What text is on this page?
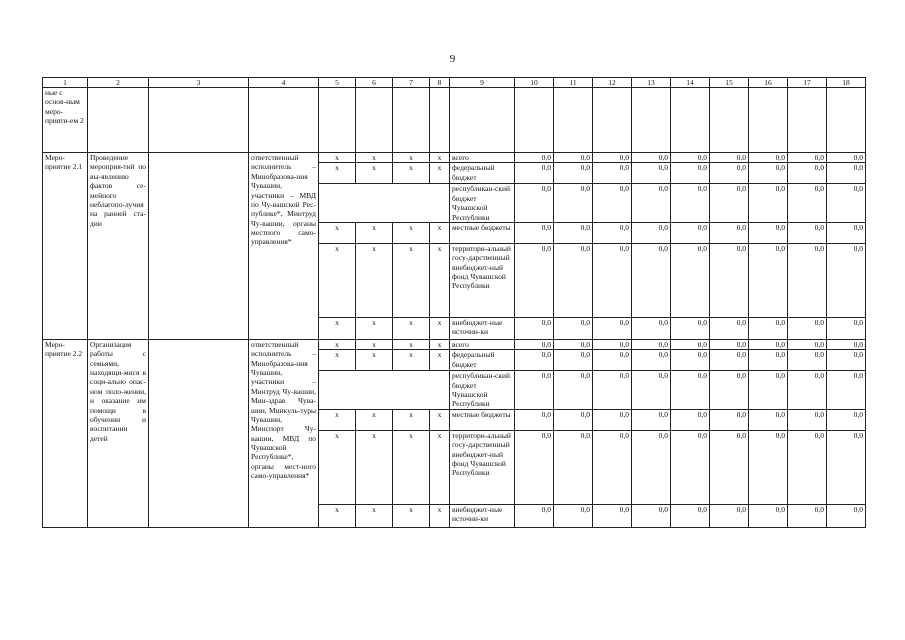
9
1	2	3	4	5	6	7	8	9	10	11	12	13	14	15	16	17	18
ные с основ-ным меро-прияти-ем 2																	
Меро-приятие 2.1	Проведение мероприя-тий по вы-явлению фактов се-мейного неблагопо-лучия на ранней ста-дии		ответственный исполнитель – Минобразова-ния Чувашии, участники – МВД по Чу-вашской Рес-публике*, Минтруд Чу-вашии, органы местного само-управления*	x	x	x	x	всего	0,0	0,0	0,0	0,0	0,0	0,0	0,0	0,0	0,0
				x	x	x	x	федеральный бюджет	0,0	0,0	0,0	0,0	0,0	0,0	0,0	0,0	0,0
								республикан-ский бюджет Чувашской Республики	0,0	0,0	0,0	0,0	0,0	0,0	0,0	0,0	0,0
				x	x	x	x	местные бюджеты	0,0	0,0	0,0	0,0	0,0	0,0	0,0	0,0	0,0
				x	x	x	x	территори-альный госу-дарственный внебюджет-ный фонд Чувашской Республики	0,0	0,0	0,0	0,0	0,0	0,0	0,0	0,0	0,0
				x	x	x	x	внебюджет-ные источни-ки	0,0	0,0	0,0	0,0	0,0	0,0	0,0	0,0	0,0
Меро-приятие 2.2	Организация работы с семьями, находящи-мися в соци-ально опас-ном поло-жении, и оказание им помощи в обучении и воспитании детей		ответственный исполнитель – Минобразова-ния Чувашии, участники – Минтруд Чу-вашии, Мин-здрав Чува-шии, Минкуль-туры Чувашии, Минспорт Чу-вашии, МВД по Чувашской Республике*, органы мест-ного само-управления*	x	x	x	x	всего	0,0	0,0	0,0	0,0	0,0	0,0	0,0	0,0	0,0
				x	x	x	x	федеральный бюджет	0,0	0,0	0,0	0,0	0,0	0,0	0,0	0,0	0,0
								республикан-ский бюджет Чувашской Республики	0,0	0,0	0,0	0,0	0,0	0,0	0,0	0,0	0,0
				x	x	x	x	местные бюджеты	0,0	0,0	0,0	0,0	0,0	0,0	0,0	0,0	0,0
				x	x	x	x	территори-альный госу-дарственный внебюджет-ный фонд Чувашской Республики	0,0	0,0	0,0	0,0	0,0	0,0	0,0	0,0	0,0
				x	x	x	x	внебюджет-ные источни-ки	0,0	0,0	0,0	0,0	0,0	0,0	0,0	0,0	0,0
